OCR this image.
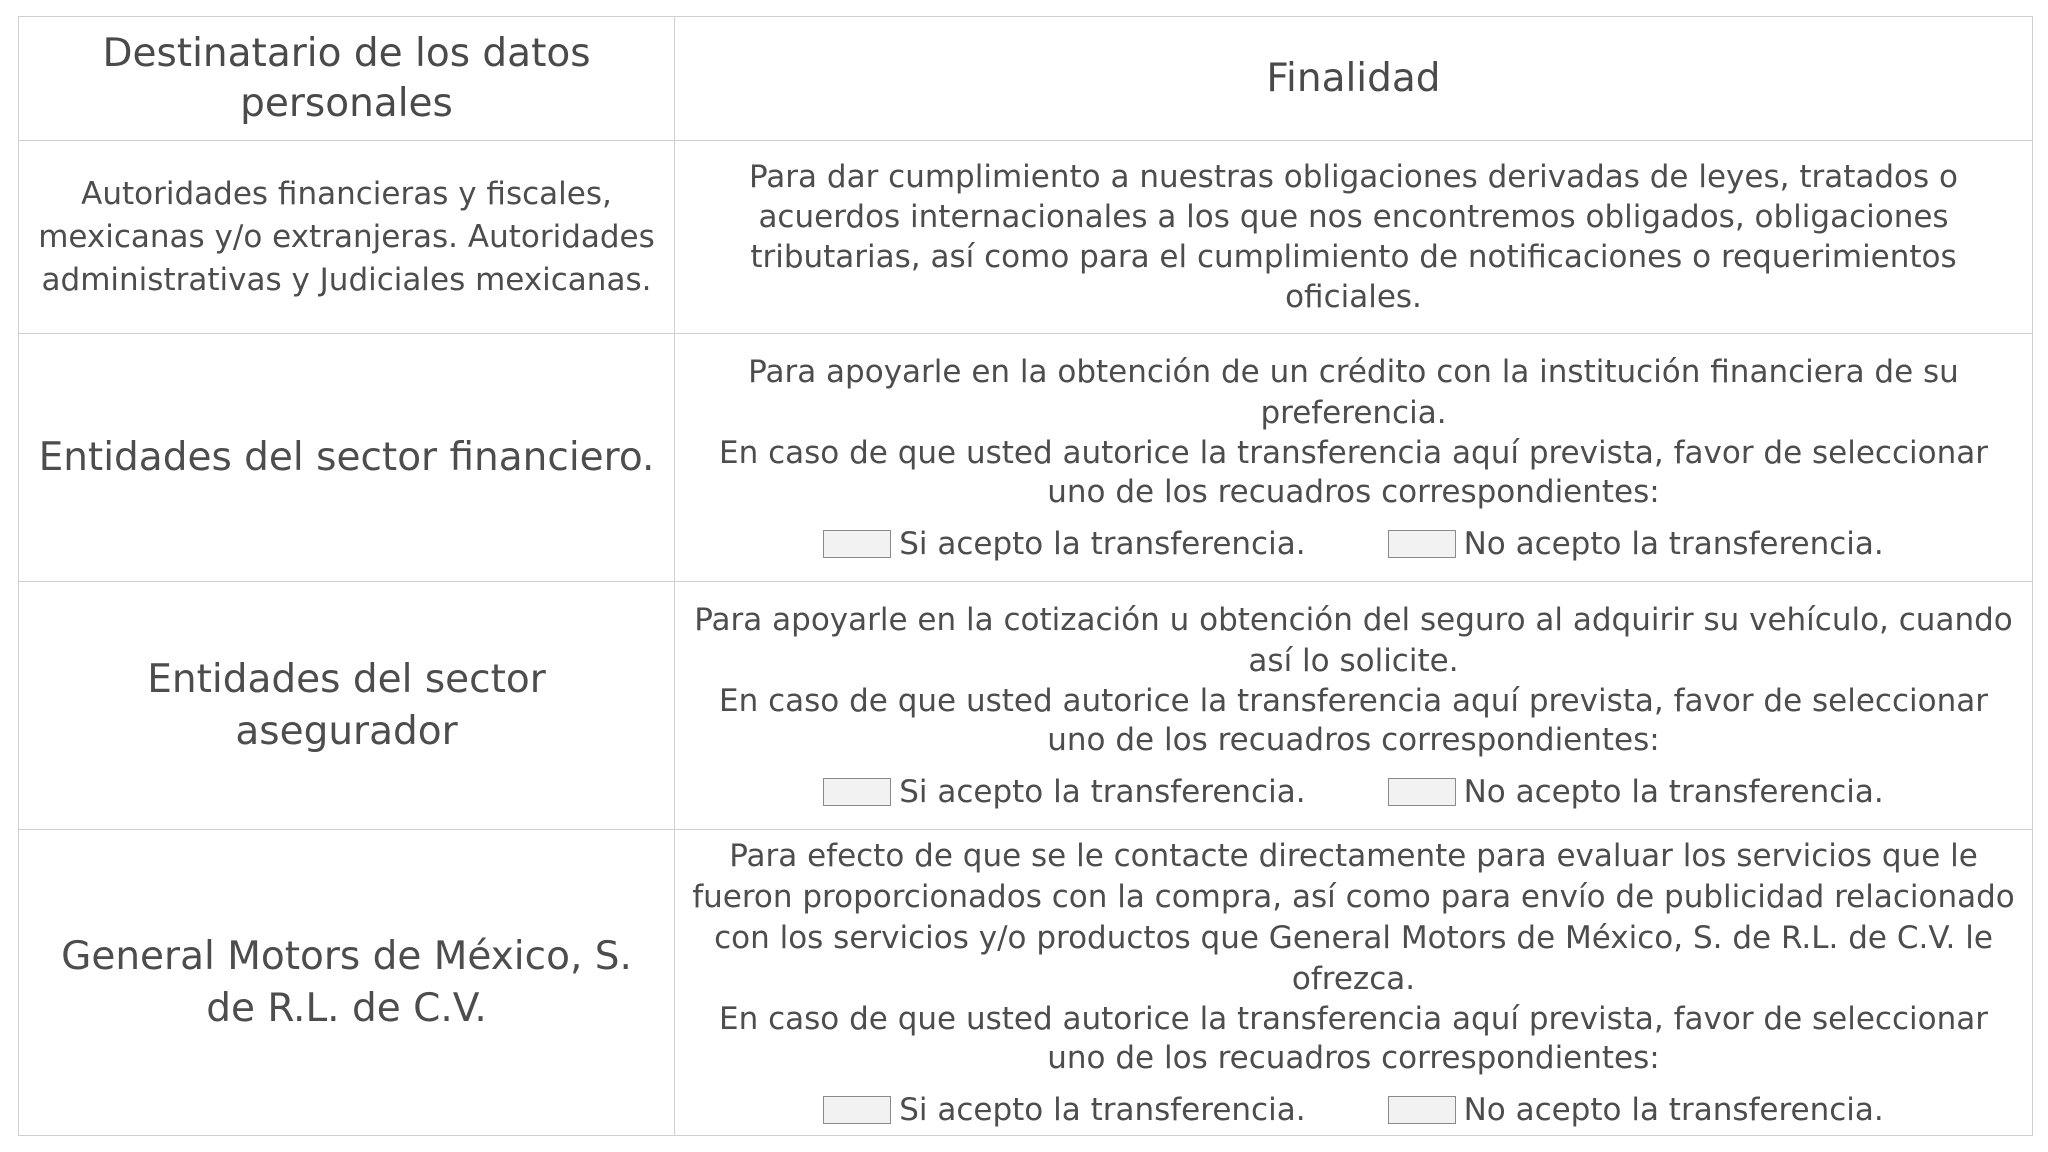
Destinatario de los datos personales	Finalidad
Autoridades financieras y fiscales, mexicanas y/o extranjeras. Autoridades administrativas y Judiciales mexicanas.	Para dar cumplimiento a nuestras obligaciones derivadas de leyes, tratados o acuerdos internacionales a los que nos encontremos obligados, obligaciones tributarias, así como para el cumplimiento de notificaciones o requerimientos oficiales.
Entidades del sector financiero.	Para apoyarle en la obtención de un crédito con la institución financiera de su preferencia.
En caso de que usted autorice la transferencia aquí prevista, favor de seleccionar uno de los recuadros correspondientes:
Si acepto la transferencia. No acepto la transferencia.

Entidades del sector asegurador	Para apoyarle en la cotización u obtención del seguro al adquirir su vehículo, cuando así lo solicite.
En caso de que usted autorice la transferencia aquí prevista, favor de seleccionar uno de los recuadros correspondientes:
Si acepto la transferencia. No acepto la transferencia.

General Motors de México, S. de R.L. de C.V.	Para efecto de que se le contacte directamente para evaluar los servicios que le fueron proporcionados con la compra, así como para envío de publicidad relacionado con los servicios y/o productos que General Motors de México, S. de R.L. de C.V. le ofrezca.
En caso de que usted autorice la transferencia aquí prevista, favor de seleccionar uno de los recuadros correspondientes:
Si acepto la transferencia. No acepto la transferencia.
